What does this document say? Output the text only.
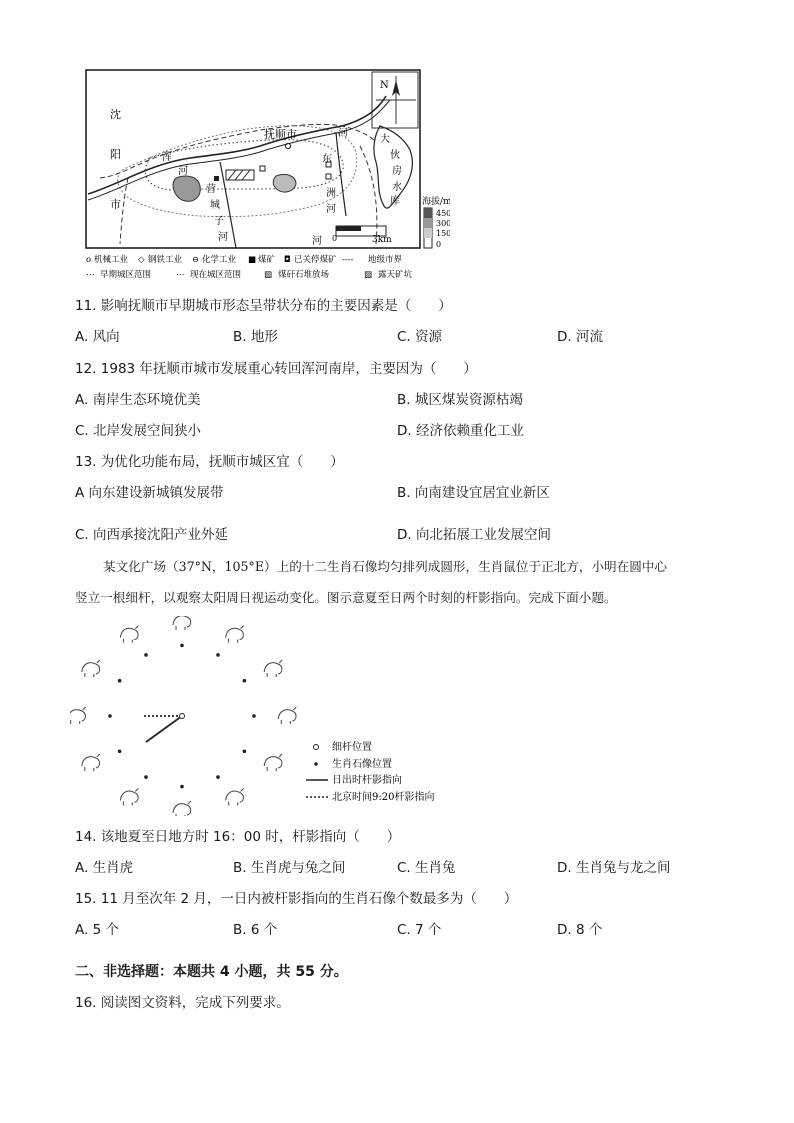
沈
阳
市
抚顺市	河
浑
河
东
洲
河
营
城
子
河	河
大
伙
房
水
库
N
0	3km
海拔/m
450
300
150
0
o 机械工业 ◇ 钢铁工业 ⊖ 化学工业 ■ 煤矿 ◘ 已关停煤矿 ---- 地级市界
⋯ 早期城区范围	⋯ 现在城区范围	▧ 煤矸石堆放场	▨ 露天矿坑
11. 影响抚顺市早期城市形态呈带状分布的主要因素是（　　）
A. 风向	B. 地形	C. 资源	D. 河流
12. 1983 年抚顺市城市发展重心转回浑河南岸，主要因为（　　）
A. 南岸生态环境优美	B. 城区煤炭资源枯竭
C. 北岸发展空间狭小	D. 经济依赖重化工业
13. 为优化功能布局，抚顺市城区宜（　　）
A 向东建设新城镇发展带	B. 向南建设宜居宜业新区
C. 向西承接沈阳产业外延	D. 向北拓展工业发展空间
某文化广场（37°N，105°E）上的十二生肖石像均匀排列成圆形，生肖鼠位于正北方，小明在圆中心
竖立一根细杆，以观察太阳周日视运动变化。图示意夏至日两个时刻的杆影指向。完成下面小题。
细杆位置
生肖石像位置
日出时杆影指向
北京时间9:20杆影指向
14. 该地夏至日地方时 16：00 时，杆影指向（　　）
A. 生肖虎	B. 生肖虎与兔之间	C. 生肖兔	D. 生肖兔与龙之间
15. 11 月至次年 2 月，一日内被杆影指向的生肖石像个数最多为（　　）
A. 5 个	B. 6 个	C. 7 个	D. 8 个
二、非选择题：本题共 4 小题，共 55 分。
16. 阅读图文资料，完成下列要求。
